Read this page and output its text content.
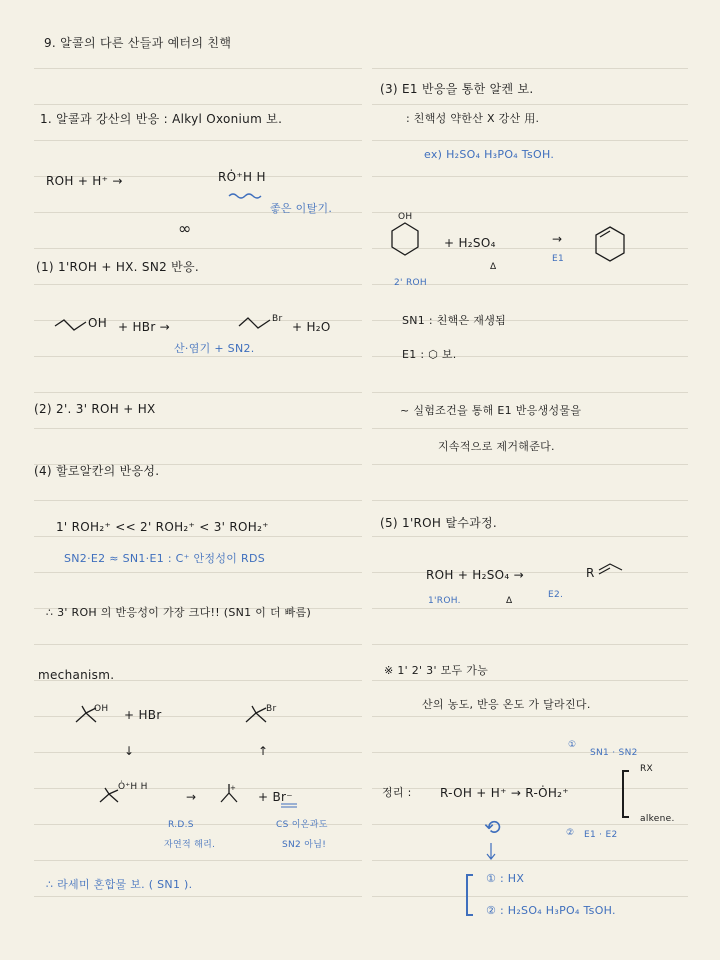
9. 알콜의 다른 산들과 예터의 친핵
1. 알콜과 강산의 반응 : Alkyl Oxonium 보.
ROH + H⁺ →	RȮ⁺H H
좋은 이탈기.
∞
(1) 1'ROH + HX. SN2 반응.
OH + HBr →
Br
+ H₂O
산·염기 + SN2.
(2) 2'. 3' ROH + HX
(4) 할로알칸의 반응성.
1' ROH₂⁺ << 2' ROH₂⁺ < 3' ROH₂⁺
SN2·E2 ≈ SN1·E1 : C⁺ 안정성이 RDS
∴ 3' ROH 의 반응성이 가장 크다!! (SN1 이 더 빠름)
mechanism.
OH + HBr	Br
↓	↑
Ȯ⁺H H
→
+
+ Br⁻
R.D.S
자연적 해리.
CS 이온과도
SN2 아님!
∴ 라세미 혼합물 보. ( SN1 ).
(3) E1 반응을 통한 알켄 보.
: 친핵성 약한산 X 강산 用.
ex) H₂SO₄ H₃PO₄ TsOH.
OH
2' ROH
+ H₂SO₄
Δ
→
E1
SN1 : 친핵은 재생됨
E1 : ⬡ 보.
~ 실험조건을 통해 E1 반응생성물을
지속적으로 제거해준다.
(5) 1'ROH 탈수과정.
ROH + H₂SO₄ →	R
1'ROH.	Δ
E2.
※ 1' 2' 3' 모두 가능
산의 농도, 반응 온도 가 달라진다.
①
SN1 · SN2
RX
정리 : R-OH + H⁺ → R-ȮH₂⁺
alkene.
② E1 · E2
⟲
① : HX
② : H₂SO₄ H₃PO₄ TsOH.
